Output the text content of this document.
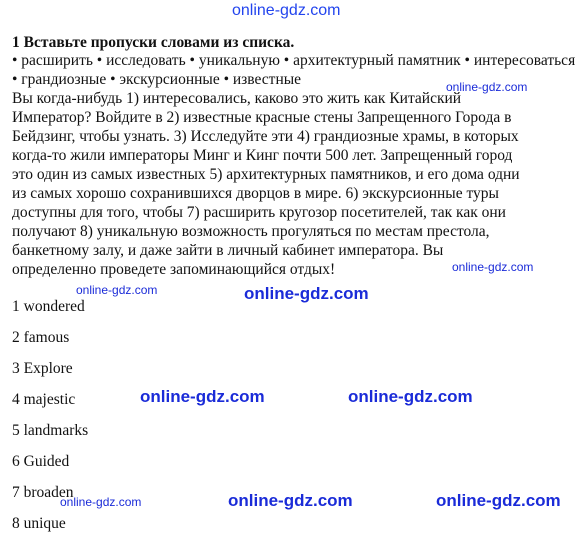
online-gdz.com

1 Вставьте пропуски словами из списка.

• расширить • исследовать • уникальную • архитектурный памятник • интересоваться • грандиозные • экскурсионные • известные

Вы когда-нибудь 1) интересовались, каково это жить как Китайский

Император? Войдите в 2) известные красные стены Запрещенного Города в

Бейдзинг, чтобы узнать. 3) Исследуйте эти 4) грандиозные храмы, в которых

когда-то жили императоры Минг и Кинг почти 500 лет. Запрещенный город

это один из самых известных 5) архитектурных памятников, и его дома одни

из самых хорошо сохранившихся дворцов в мире. 6) экскурсионные туры

доступны для того, чтобы 7) расширить кругозор посетителей, так как они

получают 8) уникальную возможность прогуляться по местам престола,

банкетному залу, и даже зайти в личный кабинет императора. Вы

определенно проведете запоминающийся отдых!

1 wondered
2 famous
3 Explore
4 majestic
5 landmarks
6 Guided
7 broaden
8 unique
online-gdz.com
online-gdz.com
online-gdz.com	online-gdz.com
online-gdz.com	online-gdz.com
online-gdz.com	online-gdz.com	online-gdz.com
